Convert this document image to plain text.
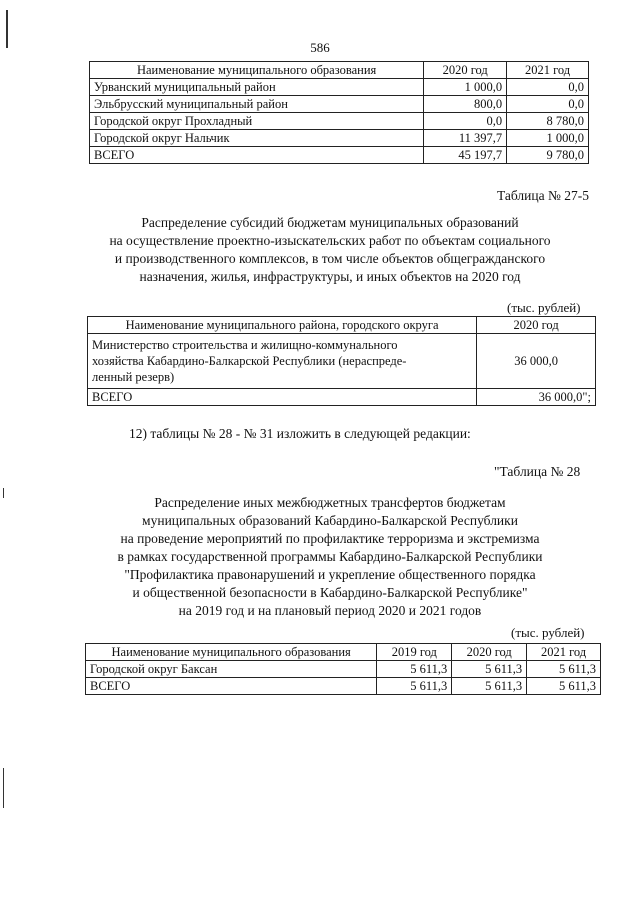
586
Наименование муниципального образования	2020 год	2021 год
Урванский муниципальный район	1 000,0	0,0
Эльбрусский муниципальный район	800,0	0,0
Городской округ Прохладный	0,0	8 780,0
Городской округ Нальчик	11 397,7	1 000,0
ВСЕГО	45 197,7	9 780,0
Таблица № 27-5
Распределение субсидий бюджетам муниципальных образований
на осуществление проектно-изыскательских работ по объектам социального
и производственного комплексов, в том числе объектов общегражданского
назначения, жилья, инфраструктуры, и иных объектов на 2020 год
(тыс. рублей)
Наименование муниципального района, городского округа	2020 год

Министерство строительства и жилищно-коммунального
хозяйства Кабардино-Балкарской Республики (нераспреде-
ленный резерв)	36 000,0
ВСЕГО	36 000,0";
12) таблицы № 28 - № 31 изложить в следующей редакции:
"Таблица № 28
Распределение иных межбюджетных трансфертов бюджетам
муниципальных образований Кабардино-Балкарской Республики
на проведение мероприятий по профилактике терроризма и экстремизма
в рамках государственной программы Кабардино-Балкарской Республики
"Профилактика правонарушений и укрепление общественного порядка
и общественной безопасности в Кабардино-Балкарской Республике"
на 2019 год и на плановый период 2020 и 2021 годов
(тыс. рублей)
Наименование муниципального образования	2019 год	2020 год	2021 год
Городской округ Баксан	5 611,3	5 611,3	5 611,3
ВСЕГО	5 611,3	5 611,3	5 611,3
